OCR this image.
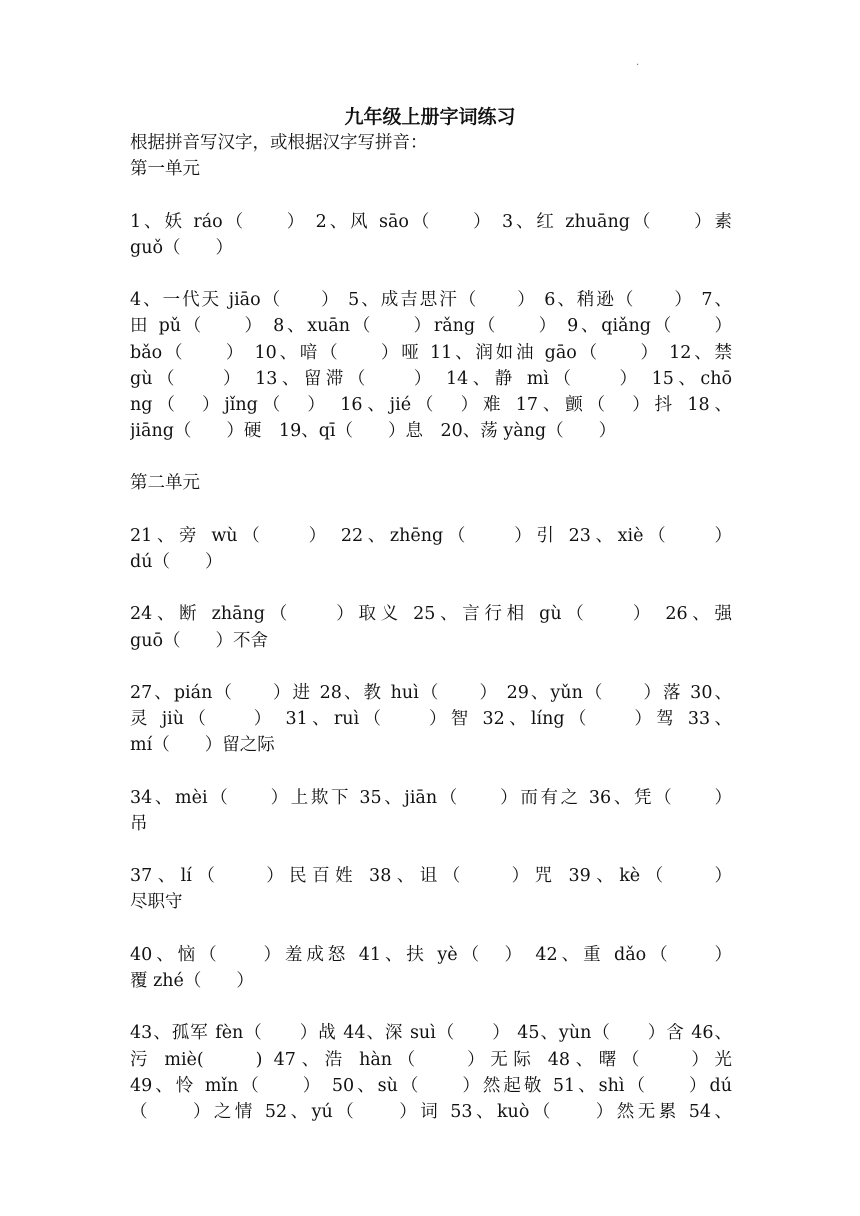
.
九年级上册字词练习
根据拼音写汉字，或根据汉字写拼音：
第一单元
1、妖 ráo（　　） 2、风 sāo（　　） 3、红 zhuāng（　　）素
guǒ（　　）
4、一代天 jiāo（　　） 5、成吉思汗（　　） 6、稍逊（　　） 7、
田 pǔ（　　） 8、xuān（　　）rǎng（　　） 9、qiǎng（　　）
bǎo（　　） 10、喑（　　）哑 11、润如油 gāo（　　） 12、禁
gù（　　） 13、留滞（　　） 14、静 mì（　　） 15、chō
ng（　）jǐng（　） 16、jié（　）难 17、颤（　）抖 18、
jiāng（　　）硬　19、qī（　　）息　20、荡 yàng（　　）
第二单元
21、旁 wù（　　） 22、zhēng（　　）引 23、xiè（　　）
dú（　　）
24、断 zhāng（　　）取义 25、言行相 gù（　　） 26、强
guō（　　）不舍
27、pián（　　）进 28、教 huì（　　） 29、yǔn（　　）落 30、
灵 jiù（　　） 31、ruì（　　）智 32、líng（　　）驾 33、
mí（　　）留之际
34、mèi（　　）上欺下 35、jiān（　　）而有之 36、凭（　　）
吊
37、lí（　　）民百姓 38、诅（　　）咒 39、kè（　　）
尽职守
40、恼（　　）羞成怒 41、扶 yè（　） 42、重 dǎo（　　）
覆 zhé（　　）
43、孤军 fèn（　　）战 44、深 suì（　　） 45、yùn（　　）含 46、
污 miè(　　) 47、浩 hàn（　　）无际 48、曙（　　）光
49、怜 mǐn（　　） 50、sù（　　）然起敬 51、shì（　　）dú
（　　）之情 52、yú（　　）词 53、kuò（　　）然无累 54、
